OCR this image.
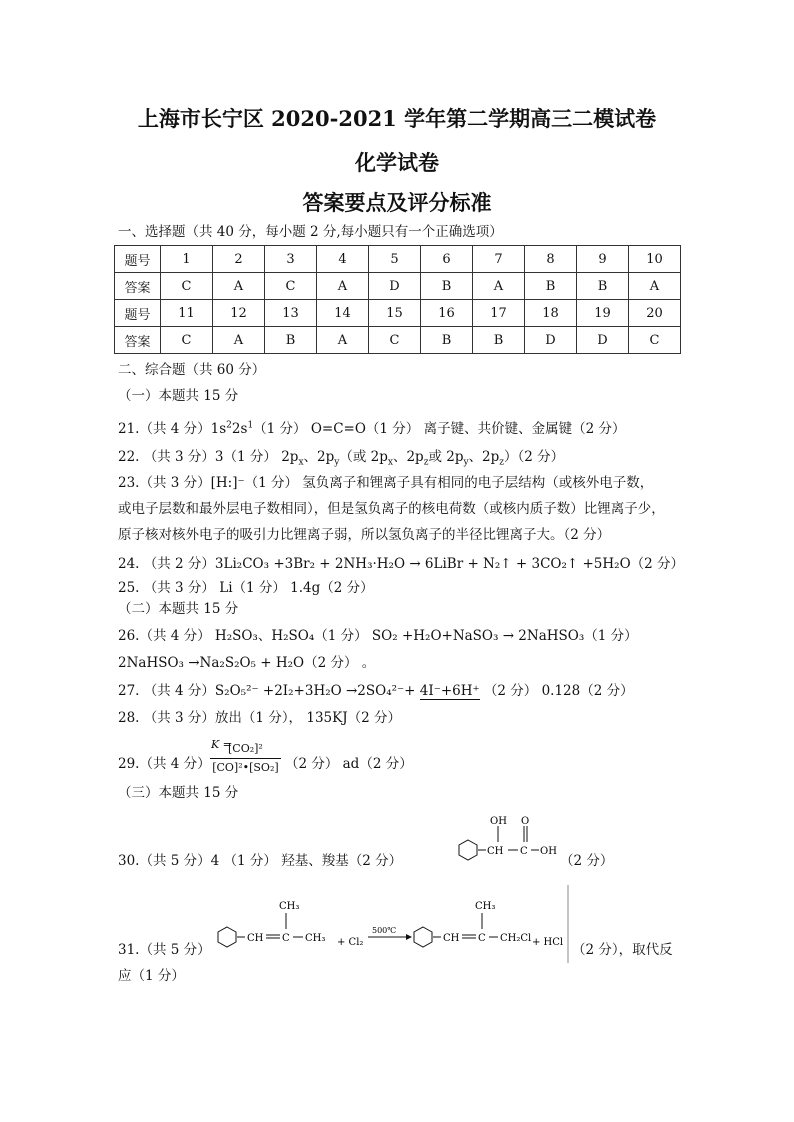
上海市长宁区 2020-2021 学年第二学期高三二模试卷
化学试卷
答案要点及评分标准
一、选择题（共 40 分，每小题 2 分,每小题只有一个正确选项）
题号	1	2	3	4	5	6	7	8	9	10
答案	C	A	C	A	D	B	A	B	B	A
题号	11	12	13	14	15	16	17	18	19	20
答案	C	A	B	A	C	B	B	D	D	C
二、综合题（共 60 分）
（一）本题共 15 分
21.（共 4 分）$1s^22s^1(1$ 分） O=C=O（1 分） 离子键、共价键、金属键（2 分）
22. （共 3 分）3（1 分） $2p_x$、$2p_y$（或 $2p_x$、$2p_z$或 $2p_y$、$2p_z)(2$ 分）
23.（共 3 分）[H:]⁻（1 分） 氢负离子和锂离子具有相同的电子层结构（或核外电子数，
或电子层数和最外层电子数相同），但是氢负离子的核电荷数（或核内质子数）比锂离子少，
原子核对核外电子的吸引力比锂离子弱，所以氢负离子的半径比锂离子大。（2 分）
24. （共 2 分）3Li₂CO₃ +3Br₂ + 2NH₃·H₂O → 6LiBr + N₂↑ + 3CO₂↑ +5H₂O（2 分）
25. （共 3 分） Li（1 分） 1.4g（2 分）
（二）本题共 15 分
26.（共 4 分） H₂SO₃、H₂SO₄（1 分） SO₂ +H₂O+NaSO₃ → 2NaHSO₃（1 分）
2NaHSO₃ →Na₂S₂O₅ + H₂O（2 分） 。
27. （共 4 分）S₂O₅²⁻ +2I₂+3H₂O →2SO₄²⁻+ 4I⁻+6H⁺ （2 分） 0.128（2 分）
28. （共 3 分）放出（1 分）， 135KJ（2 分）
29.（共 4 分） K =
$\frac{\text{[CO₂]²}}{\text{[CO]²•[SO₂]}} (2$ 分） ad（2 分）
（三）本题共 15 分
30.（共 5 分）4 （1 分） 羟基、羧基（2 分）
OH O
CH C OH
（2 分）
31.（共 5 分）
CH₃
CH C CH₃ + Cl₂
500℃
CH₃
CH C CH₂Cl + HCl （2 分），取代反
应（1 分）
